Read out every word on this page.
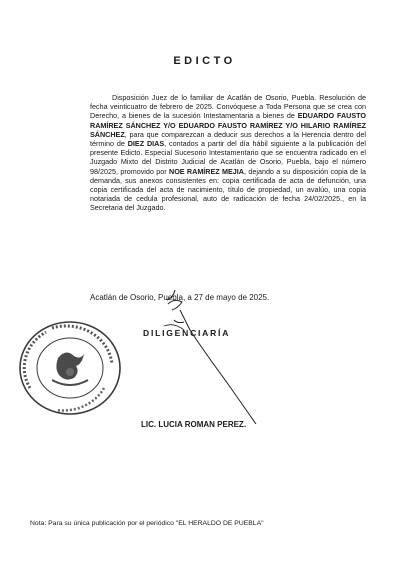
EDICTO
Disposición Juez de lo familiar de Acatlán de Osorio, Puebla. Resolución de fecha veinticuatro de febrero de 2025. Convóquese a Toda Persona que se crea con Derecho, a bienes de la sucesión Intestamentaria a bienes de EDUARDO FAUSTO RAMÍREZ SÁNCHEZ Y/O EDUARDO FAUSTO RAMÍREZ Y/O HILARIO RAMÍREZ SÁNCHEZ, para que comparezcan a deducir sus derechos a la Herencia dentro del término de DIEZ DIAS, contados a partir del día hábil siguiente a la publicación del presente Edicto. Especial Sucesorio Intestamentario que se encuentra radicado en el Juzgado Mixto del Distrito Judicial de Acatlán de Osorio, Puebla, bajo el número 98/2025, promovido por NOE RAMÍREZ MEJIA, dejando a su disposición copia de la demanda, sus anexos consistentes en: copia certificada de acta de defunción, una copia certificada del acta de nacimiento, título de propiedad, un avalúo, una copia notariada de cedula profesional, auto de radicación de fecha 24/02/2025., en la Secretaria del Juzgado.
Acatlán de Osorio, Puebla, a 27 de mayo de 2025.
DILIGENCIARÍA
LIC. LUCIA ROMAN PEREZ.
Nota: Para su única publicación por el periódico "EL HERALDO DE PUEBLA"
